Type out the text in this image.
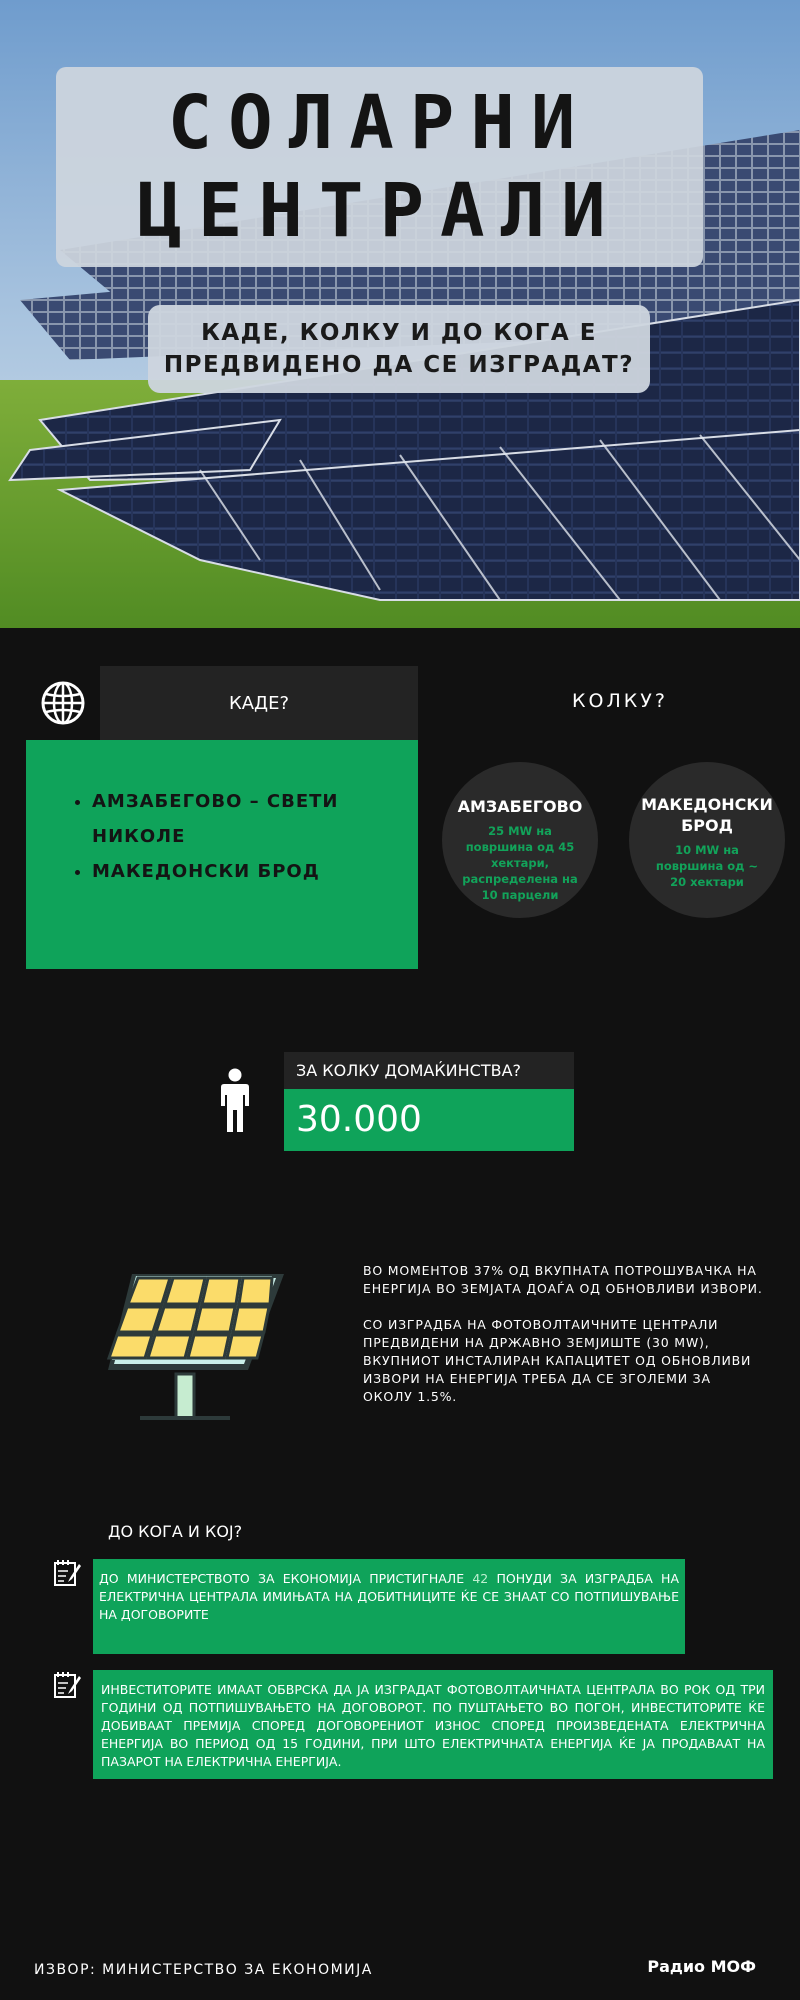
СОЛАРНИ
ЦЕНТРАЛИ
КАДЕ, КОЛКУ И ДО КОГА Е
ПРЕДВИДЕНО ДА СЕ ИЗГРАДАТ?
КАДЕ?
• АМЗАБЕГОВО – СВЕТИ НИКОЛЕ
• МАКЕДОНСКИ БРОД
КОЛКУ?
АМЗАБЕГОВО
25 MW на површина од 45 хектари, распределена на 10 парцели
МАКЕДОНСКИ БРОД
10 MW на површина од ~ 20 хектари
ЗА КОЛКУ ДОМАЌИНСТВА?
30.000

ВО МОМЕНТОВ 37% ОД ВКУПНАТА ПОТРОШУВАЧКА НА ЕНЕРГИЈА ВО ЗЕМЈАТА ДОАЃА ОД ОБНОВЛИВИ ИЗВОРИ.

СО ИЗГРАДБА НА ФОТОВОЛТАИЧНИТЕ ЦЕНТРАЛИ ПРЕДВИДЕНИ НА ДРЖАВНО ЗЕМЈИШТЕ (30 MW), ВКУПНИОТ ИНСТАЛИРАН КАПАЦИТЕТ ОД ОБНОВЛИВИ ИЗВОРИ НА ЕНЕРГИЈА ТРЕБА ДА СЕ ЗГОЛЕМИ ЗА ОКОЛУ 1.5%.

ДО КОГА И КОЈ?
ДО МИНИСТЕРСТВОТО ЗА ЕКОНОМИЈА ПРИСТИГНАЛЕ 42 ПОНУДИ ЗА ИЗГРАДБА НА ЕЛЕКТРИЧНА ЦЕНТРАЛА ИМИЊАТА НА ДОБИТНИЦИТЕ ЌЕ СЕ ЗНААТ СО ПОТПИШУВАЊЕ НА ДОГОВОРИТЕ
ИНВЕСТИТОРИТЕ ИМААТ ОБВРСКА ДА ЈА ИЗГРАДАТ ФОТОВОЛТАИЧНАТА ЦЕНТРАЛА ВО РОК ОД ТРИ ГОДИНИ ОД ПОТПИШУВАЊЕТО НА ДОГОВОРОТ. ПО ПУШТАЊЕТО ВО ПОГОН, ИНВЕСТИТОРИТЕ ЌЕ ДОБИВААТ ПРЕМИЈА СПОРЕД ДОГОВОРЕНИОТ ИЗНОС СПОРЕД ПРОИЗВЕДЕНАТА ЕЛЕКТРИЧНА ЕНЕРГИЈА ВО ПЕРИОД ОД 15 ГОДИНИ, ПРИ ШТО ЕЛЕКТРИЧНАТА ЕНЕРГИЈА ЌЕ ЈА ПРОДАВААТ НА ПАЗАРОТ НА ЕЛЕКТРИЧНА ЕНЕРГИЈА.
ИЗВОР: МИНИСТЕРСТВО ЗА ЕКОНОМИЈА	Радио МОФ
